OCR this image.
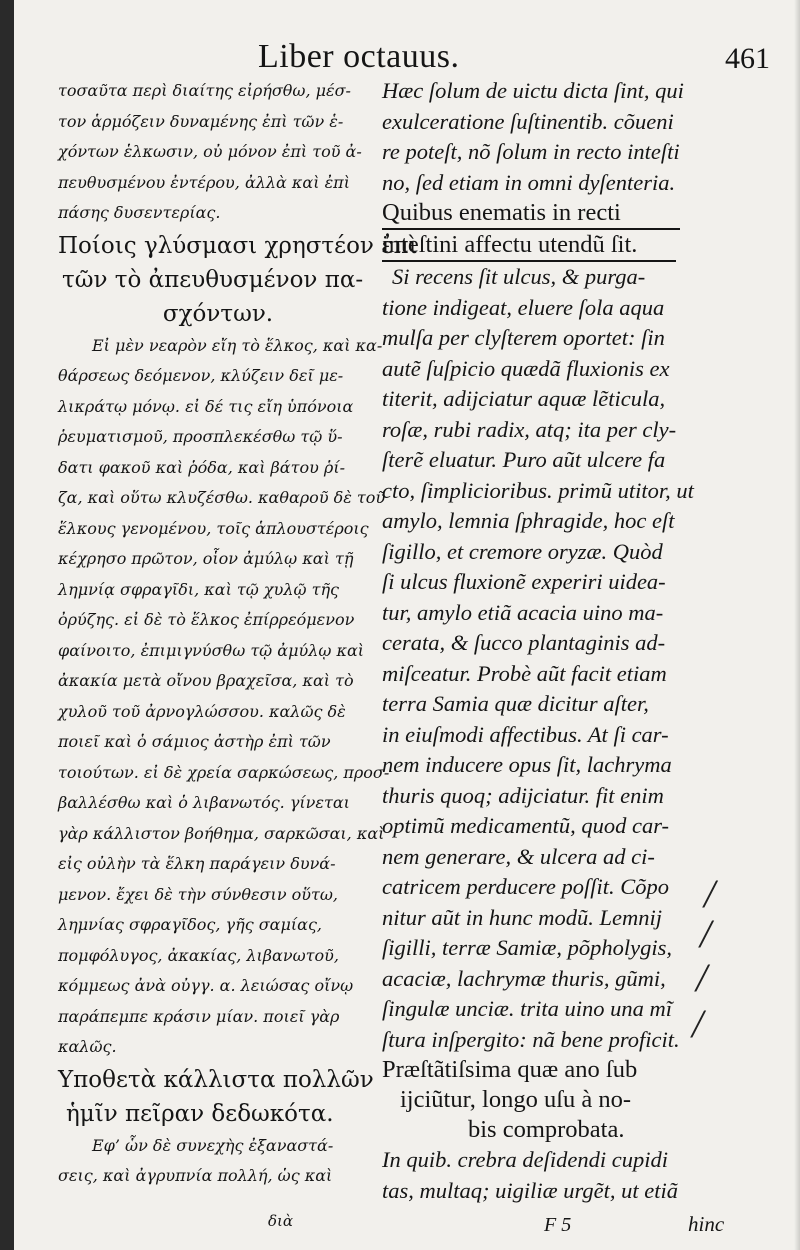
Liber octauus.	461
τοσαῦτα περὶ διαίτης εἰρήσθω, μέσ-
τον ἁρμόζειν δυναμένης ἐπὶ τῶν ἑ-
χόντων ἑλκωσιν, οὐ μόνον ἐπὶ τοῦ ἀ-
πευθυσμένου ἐντέρου, ἀλλὰ καὶ ἐπὶ
πάσης δυσεντερίας.
Ποίοις γλύσμασι χρηστέον ἐπὶ
τῶν τὸ ἀπευθυσμένον πα-
σχόντων.
Εἰ μὲν νεαρὸν εἴη τὸ ἕλκος, καὶ κα-
θάρσεως δεόμενον, κλύζειν δεῖ με-
λικράτῳ μόνῳ. εἰ δέ τις εἴη ὑπόνοια
ῥευματισμοῦ, προσπλεκέσθω τῷ ὕ-
δατι φακοῦ καὶ ῥόδα, καὶ βάτου ῥί-
ζα, καὶ οὕτω κλυζέσθω. καθαροῦ δὲ τοῦ
ἕλκους γενομένου, τοῖς ἁπλουστέροις
κέχρησο πρῶτον, οἷον ἀμύλῳ καὶ τῇ
λημνίᾳ σφραγῖδι, καὶ τῷ χυλῷ τῆς
ὀρύζης. εἰ δὲ τὸ ἕλκος ἐπίρρεόμενον
φαίνοιτο, ἐπιμιγνύσθω τῷ ἀμύλῳ καὶ
ἀκακία μετὰ οἴνου βραχεῖσα, καὶ τὸ
χυλοῦ τοῦ ἀρνογλώσσου. καλῶς δὲ
ποιεῖ καὶ ὁ σάμιος ἀστὴρ ἐπὶ τῶν
τοιούτων. εἰ δὲ χρεία σαρκώσεως, προσ-
βαλλέσθω καὶ ὁ λιβανωτός. γίνεται
γὰρ κάλλιστον βοήθημα, σαρκῶσαι, καὶ
εἰς οὐλὴν τὰ ἕλκη παράγειν δυνά-
μενον. ἔχει δὲ τὴν σύνθεσιν οὕτω,
λημνίας σφραγῖδος, γῆς σαμίας,
πομφόλυγος, ἀκακίας, λιβανωτοῦ,
κόμμεως ἀνὰ οὐγγ. α. λειώσας οἴνῳ
παράπεμπε κράσιν μίαν. ποιεῖ γὰρ
καλῶς.
Υποθετὰ κάλλιστα πολλῶν
ἡμῖν πεῖραν δεδωκότα.
Εφ’ ὧν δὲ συνεχὴς ἐξαναστά-
σεις, καὶ ἀγρυπνία πολλή, ὡς καὶ
διὰ
Hæc ſolum de uictu dicta ſint, qui
exulceratione ſuſtinentib. cõueni
re poteſt, nõ ſolum in recto inteſti
no, ſed etiam in omni dyſenteria.
Quibus enematis in recti
inteſtini affectu utendũ ſit.
Si recens ſit ulcus, & purga-
tione indigeat, eluere ſola aqua
mulſa per clyſterem oportet: ſin
autẽ ſuſpicio quædã fluxionis ex
titerit, adijciatur aquæ lẽticula,
roſæ, rubi radix, atq; ita per cly-
ſterẽ eluatur. Puro aũt ulcere fa
cto, ſimplicioribus. primũ utitor, ut
amylo, lemnia ſphragide, hoc eſt
ſigillo, et cremore oryzæ. Quòd
ſi ulcus fluxionẽ experiri uidea-
tur, amylo etiã acacia uino ma-
cerata, & ſucco plantaginis ad-
miſceatur. Probè aũt facit etiam
terra Samia quæ dicitur aſter,
in eiuſmodi affectibus. At ſi car-
nem inducere opus ſit, lachryma
thuris quoq; adijciatur. fit enim
optimũ medicamentũ, quod car-
nem generare, & ulcera ad ci-
catricem perducere poſſit. Cõpo
nitur aũt in hunc modũ. Lemnij
ſigilli, terræ Samiæ, põpholygis,
acaciæ, lachrymæ thuris, gũmi,
ſingulæ unciæ. trita uino una mĩ
ſtura inſpergito: nã bene proficit.
Præſtãtiſsima quæ ano ſub
ijciũtur, longo uſu à no-
bis comprobata.
In quib. crebra deſidendi cupidi
tas, multaq; uigiliæ urgẽt, ut etiã
/
/
/
/
F 5	hinc
